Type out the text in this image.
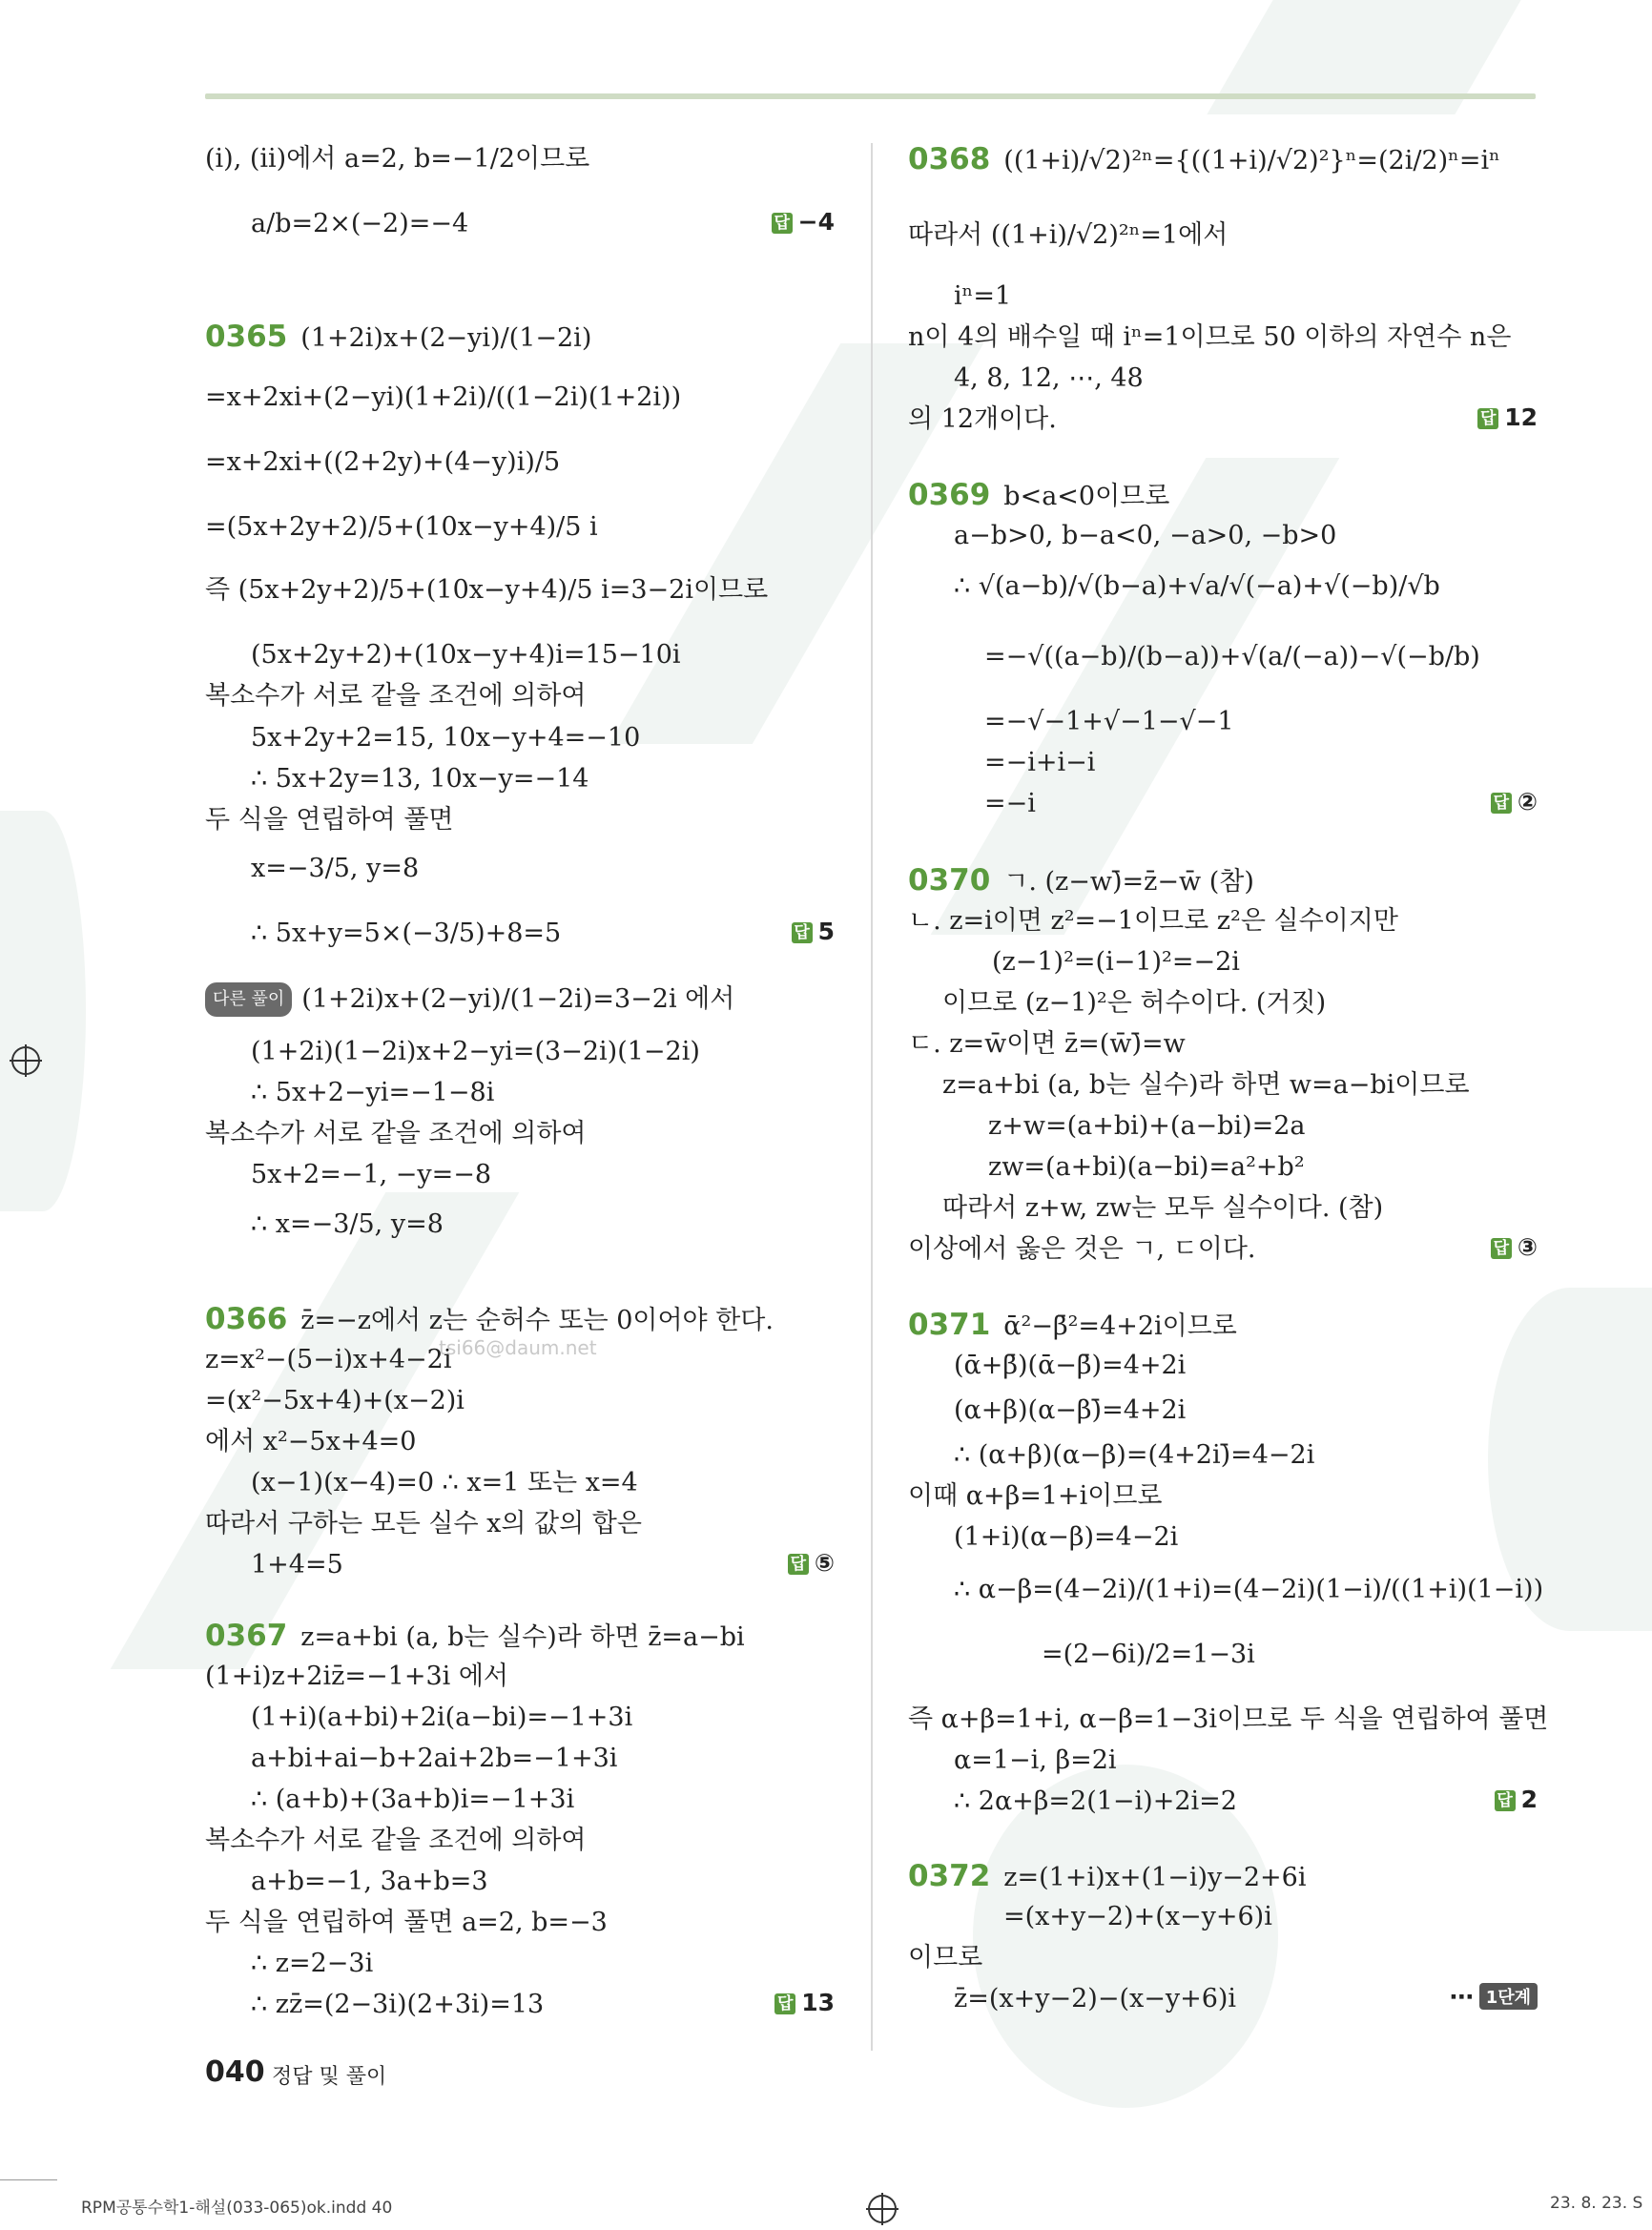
(ⅰ), (ⅱ)에서 a=2, b=−1/2이므로
a/b=2×(−2)=−4	답 −4
0365 (1+2i)x+(2−yi)/(1−2i)
=x+2xi+(2−yi)(1+2i)/((1−2i)(1+2i))
=x+2xi+((2+2y)+(4−y)i)/5
=(5x+2y+2)/5+(10x−y+4)/5 i
즉 (5x+2y+2)/5+(10x−y+4)/5 i=3−2i이므로
(5x+2y+2)+(10x−y+4)i=15−10i
복소수가 서로 같을 조건에 의하여
5x+2y+2=15, 10x−y+4=−10
∴ 5x+2y=13, 10x−y=−14
두 식을 연립하여 풀면
x=−3/5, y=8
∴ 5x+y=5×(−3/5)+8=5	답 5
다른 풀이 (1+2i)x+(2−yi)/(1−2i)=3−2i 에서
(1+2i)(1−2i)x+2−yi=(3−2i)(1−2i)
∴ 5x+2−yi=−1−8i
복소수가 서로 같을 조건에 의하여
5x+2=−1, −y=−8
∴ x=−3/5, y=8
0366 z̄=−z에서 z는 순허수 또는 0이어야 한다.
z=x²−(5−i)x+4−2i
=(x²−5x+4)+(x−2)i
에서 x²−5x+4=0
(x−1)(x−4)=0 ∴ x=1 또는 x=4
따라서 구하는 모든 실수 x의 값의 합은
1+4=5	답 ⑤
0367 z=a+bi (a, b는 실수)라 하면 z̄=a−bi
(1+i)z+2iz̄=−1+3i 에서
(1+i)(a+bi)+2i(a−bi)=−1+3i
a+bi+ai−b+2ai+2b=−1+3i
∴ (a+b)+(3a+b)i=−1+3i
복소수가 서로 같을 조건에 의하여
a+b=−1, 3a+b=3
두 식을 연립하여 풀면 a=2, b=−3
∴ z=2−3i
∴ zz̄=(2−3i)(2+3i)=13	답 13
0368 ((1+i)/√2)²ⁿ={((1+i)/√2)²}ⁿ=(2i/2)ⁿ=iⁿ
따라서 ((1+i)/√2)²ⁿ=1에서
iⁿ=1
n이 4의 배수일 때 iⁿ=1이므로 50 이하의 자연수 n은
4, 8, 12, ⋯, 48
의 12개이다.	답 12
0369 b<a<0이므로
a−b>0, b−a<0, −a>0, −b>0
∴ √(a−b)/√(b−a)+√a/√(−a)+√(−b)/√b
=−√((a−b)/(b−a))+√(a/(−a))−√(−b/b)
=−√−1+√−1−√−1
=−i+i−i
=−i	답 ②
0370 ㄱ. (z−w)̄=z̄−w̄ (참)
ㄴ. z=i이면 z²=−1이므로 z²은 실수이지만
(z−1)²=(i−1)²=−2i
이므로 (z−1)²은 허수이다. (거짓)
ㄷ. z=w̄이면 z̄=(w̄)̄=w
z=a+bi (a, b는 실수)라 하면 w=a−bi이므로
z+w=(a+bi)+(a−bi)=2a
zw=(a+bi)(a−bi)=a²+b²
따라서 z+w, zw는 모두 실수이다. (참)
이상에서 옳은 것은 ㄱ, ㄷ이다.	답 ③
0371 ᾱ²−β̄²=4+2i이므로
(ᾱ+β̄)(ᾱ−β̄)=4+2i
(α+β)(α−β)̄=4+2i
∴ (α+β)(α−β)=(4+2i)̄=4−2i
이때 α+β=1+i이므로
(1+i)(α−β)=4−2i
∴ α−β=(4−2i)/(1+i)=(4−2i)(1−i)/((1+i)(1−i))
=(2−6i)/2=1−3i
즉 α+β=1+i, α−β=1−3i이므로 두 식을 연립하여 풀면
α=1−i, β=2i
∴ 2α+β=2(1−i)+2i=2	답 2
0372 z=(1+i)x+(1−i)y−2+6i
=(x+y−2)+(x−y+6)i
이므로
z̄=(x+y−2)−(x−y+6)i	⋯ 1단계
tsi66@daum.net
040 정답 및 풀이
RPM공통수학1-해설(033-065)ok.indd 40	23. 8. 23. S
